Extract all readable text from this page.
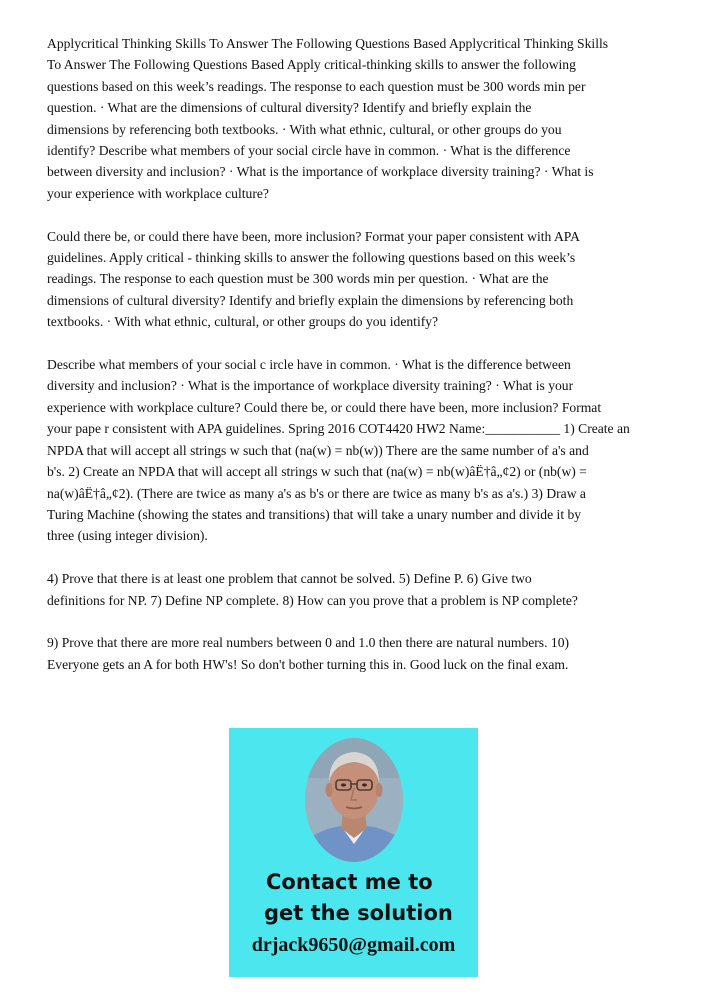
Applycritical Thinking Skills To Answer The Following Questions Based Applycritical Thinking Skills
To Answer The Following Questions Based Apply critical-thinking skills to answer the following
questions based on this week’s readings. The response to each question must be 300 words min per
question. · What are the dimensions of cultural diversity? Identify and briefly explain the
dimensions by referencing both textbooks. · With what ethnic, cultural, or other groups do you
identify? Describe what members of your social circle have in common. · What is the difference
between diversity and inclusion? · What is the importance of workplace diversity training? · What is
your experience with workplace culture?

Could there be, or could there have been, more inclusion? Format your paper consistent with APA
guidelines. Apply critical - thinking skills to answer the following questions based on this week’s
readings. The response to each question must be 300 words min per question. · What are the
dimensions of cultural diversity? Identify and briefly explain the dimensions by referencing both
textbooks. · With what ethnic, cultural, or other groups do you identify?

Describe what members of your social c ircle have in common. · What is the difference between
diversity and inclusion? · What is the importance of workplace diversity training? · What is your
experience with workplace culture? Could there be, or could there have been, more inclusion? Format
your pape r consistent with APA guidelines. Spring 2016 COT4420 HW2 Name:___________ 1) Create an
NPDA that will accept all strings w such that (na(w) = nb(w)) There are the same number of a's and
b's. 2) Create an NPDA that will accept all strings w such that (na(w) = nb(w)âË†â„¢2) or (nb(w) =
na(w)âË†â„¢2). (There are twice as many a's as b's or there are twice as many b's as a's.) 3) Draw a
Turing Machine (showing the states and transitions) that will take a unary number and divide it by
three (using integer division).

4) Prove that there is at least one problem that cannot be solved. 5) Define P. 6) Give two
definitions for NP. 7) Define NP complete. 8) How can you prove that a problem is NP complete?

9) Prove that there are more real numbers between 0 and 1.0 then there are natural numbers. 10)
Everyone gets an A for both HW's! So don't bother turning this in. Good luck on the final exam.

Contact me to
get the solution
drjack9650@gmail.com
